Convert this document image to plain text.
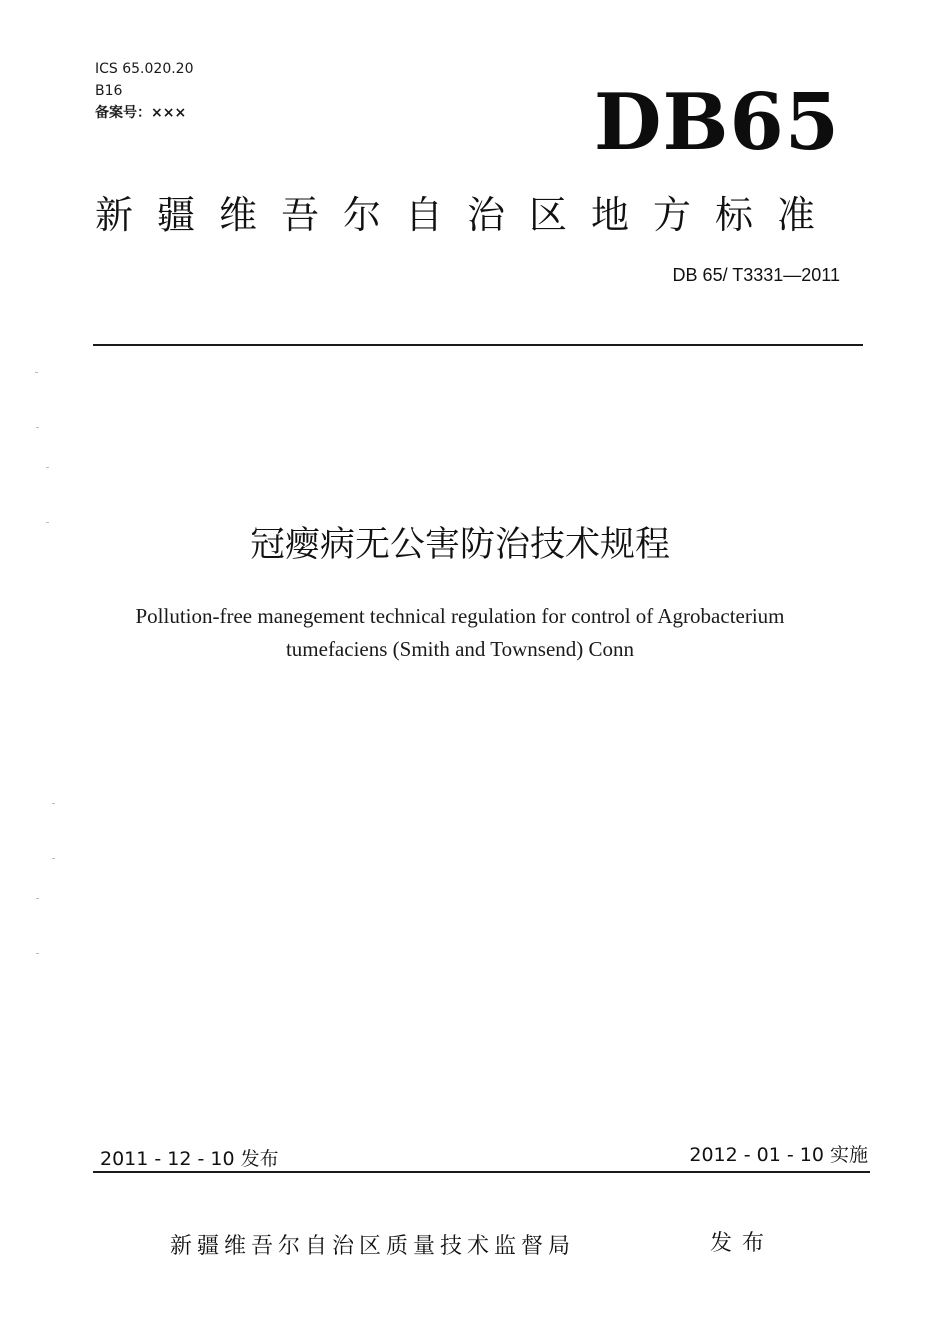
ICS 65.020.20
B16
备案号：×××	DB65
新疆维吾尔自治区地方标准
DB 65/ T3331—2011
冠瘿病无公害防治技术规程
Pollution-free manegement technical regulation for control of Agrobacterium
tumefaciens (Smith and Townsend) Conn
2011 - 12 - 10 发布	2012 - 01 - 10 实施
新疆维吾尔自治区质量技术监督局	发布
